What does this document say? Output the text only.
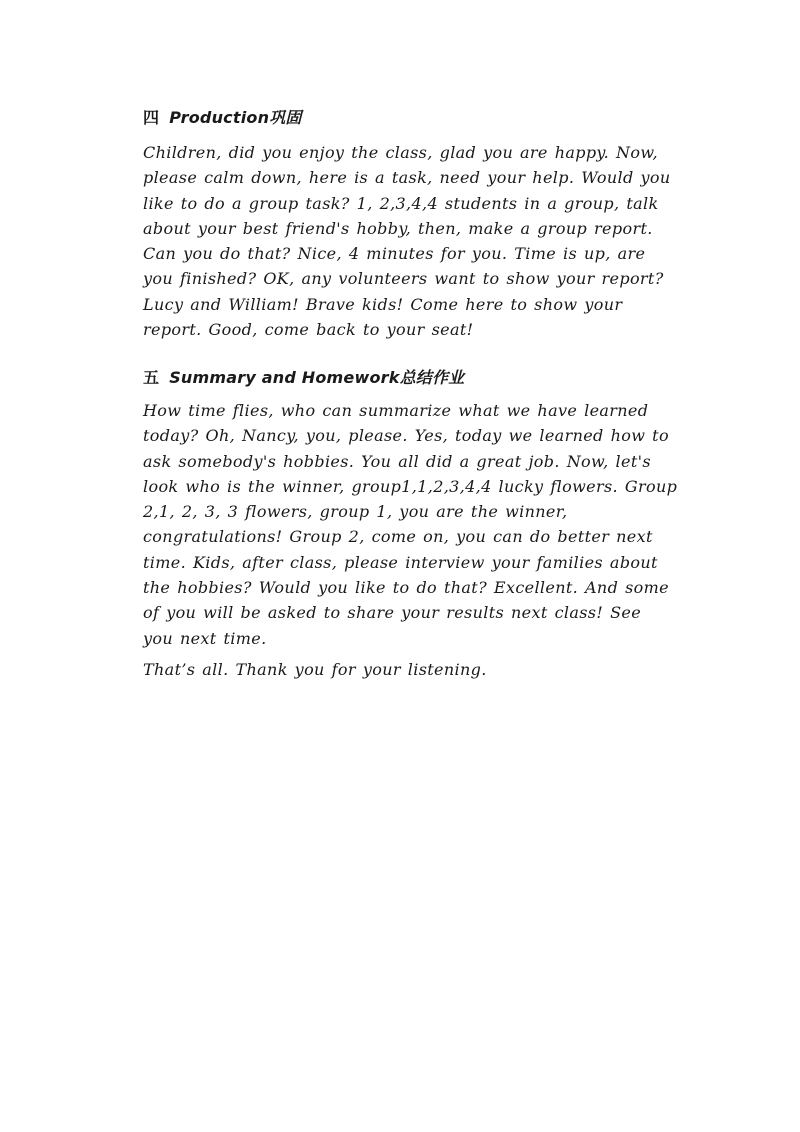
四 Production巩固

Children, did you enjoy the class, glad you are happy. Now,
please calm down, here is a task, need your help. Would you
like to do a group task? 1, 2,3,4,4 students in a group, talk
about your best friend's hobby, then, make a group report.
Can you do that? Nice, 4 minutes for you. Time is up, are
you finished? OK, any volunteers want to show your report?
Lucy and William! Brave kids! Come here to show your
report. Good, come back to your seat!

五 Summary and Homework总结作业

How time flies, who can summarize what we have learned
today? Oh, Nancy, you, please. Yes, today we learned how to
ask somebody's hobbies. You all did a great job. Now, let's
look who is the winner, group1,1,2,3,4,4 lucky flowers. Group
2,1, 2, 3, 3 flowers, group 1, you are the winner,
congratulations! Group 2, come on, you can do better next
time. Kids, after class, please interview your families about
the hobbies? Would you like to do that? Excellent. And some
of you will be asked to share your results next class! See
you next time.

That’s all. Thank you for your listening.
